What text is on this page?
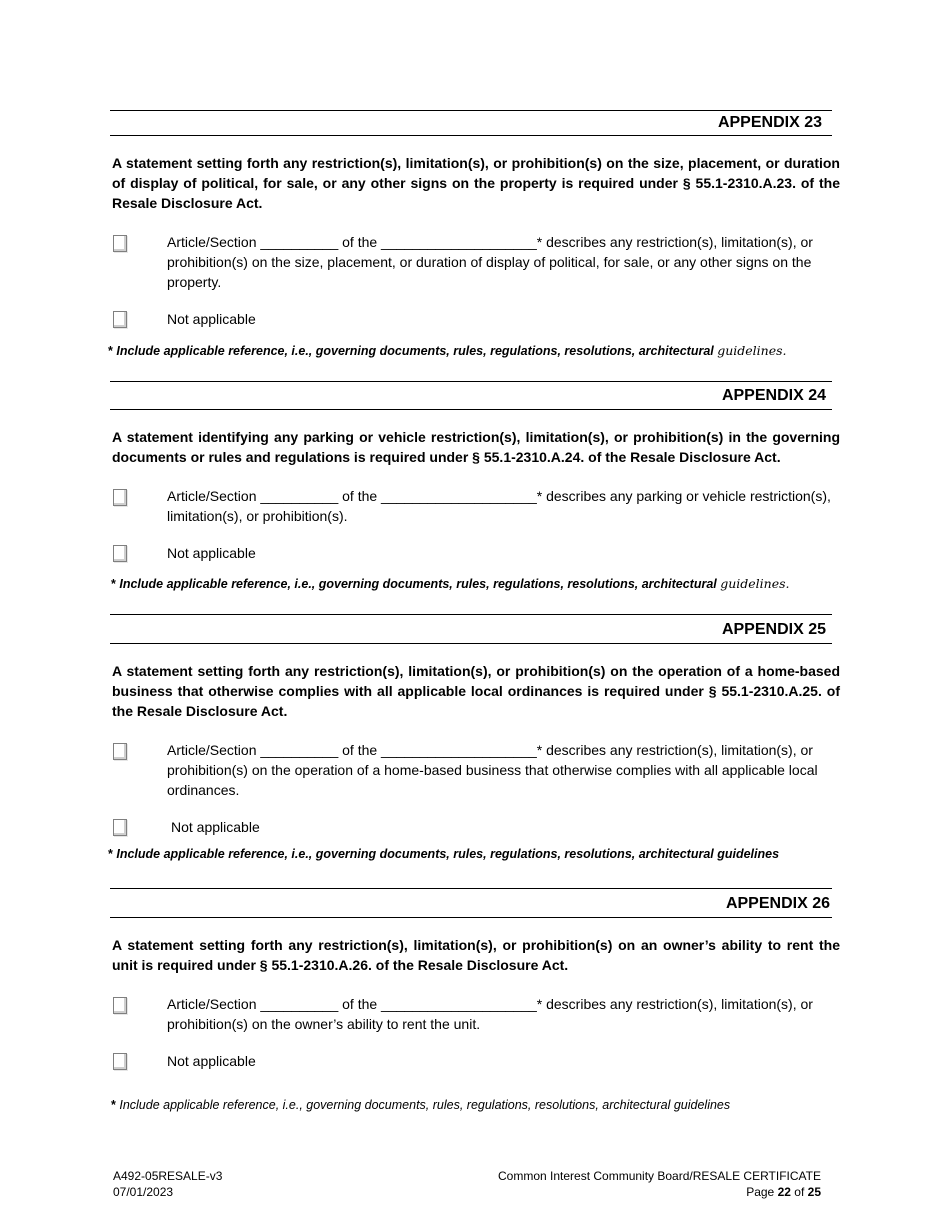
APPENDIX 23
A statement setting forth any restriction(s), limitation(s), or prohibition(s) on the size, placement, or duration of display of political, for sale, or any other signs on the property is required under § 55.1-2310.A.23. of the Resale Disclosure Act.
Article/Section __________ of the ____________________* describes any restriction(s), limitation(s), or prohibition(s) on the size, placement, or duration of display of political, for sale, or any other signs on the property.
Not applicable
* Include applicable reference, i.e., governing documents, rules, regulations, resolutions, architectural guidelines.
APPENDIX 24
A statement identifying any parking or vehicle restriction(s), limitation(s), or prohibition(s) in the governing documents or rules and regulations is required under § 55.1-2310.A.24. of the Resale Disclosure Act.
Article/Section __________ of the ____________________* describes any parking or vehicle restriction(s), limitation(s), or prohibition(s).
Not applicable
* Include applicable reference, i.e., governing documents, rules, regulations, resolutions, architectural guidelines.
APPENDIX 25
A statement setting forth any restriction(s), limitation(s), or prohibition(s) on the operation of a home-based business that otherwise complies with all applicable local ordinances is required under § 55.1-2310.A.25. of the Resale Disclosure Act.
Article/Section __________ of the ____________________* describes any restriction(s), limitation(s), or prohibition(s) on the operation of a home-based business that otherwise complies with all applicable local ordinances.
Not applicable
* Include applicable reference, i.e., governing documents, rules, regulations, resolutions, architectural guidelines
APPENDIX 26
A statement setting forth any restriction(s), limitation(s), or prohibition(s) on an owner’s ability to rent the unit is required under § 55.1-2310.A.26. of the Resale Disclosure Act.
Article/Section __________ of the ____________________* describes any restriction(s), limitation(s), or prohibition(s) on the owner’s ability to rent the unit.
Not applicable
* Include applicable reference, i.e., governing documents, rules, regulations, resolutions, architectural guidelines
A492-05RESALE-v3
07/01/2023
Common Interest Community Board/RESALE CERTIFICATE
Page 22 of 25
